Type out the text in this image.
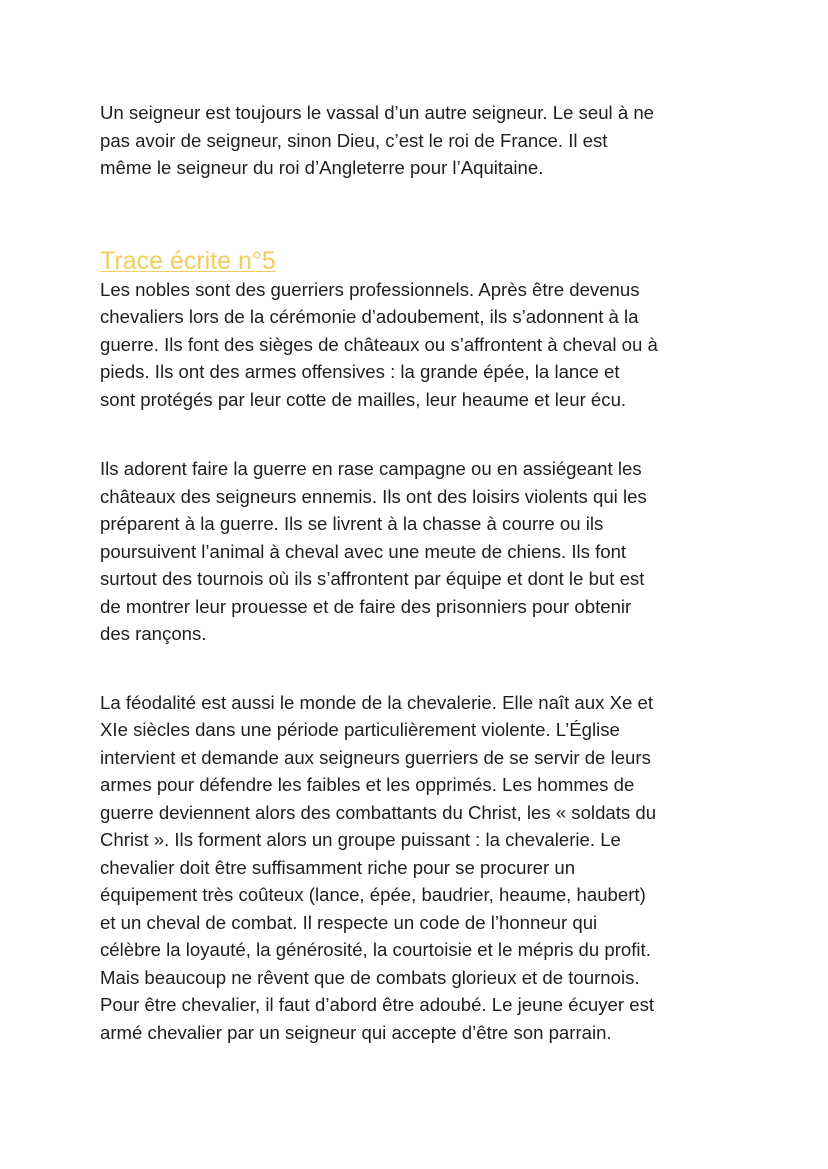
Un seigneur est toujours le vassal d’un autre seigneur. Le seul à ne
pas avoir de seigneur, sinon Dieu, c’est le roi de France. Il est
même le seigneur du roi d’Angleterre pour l’Aquitaine.

Trace écrite n°5

Les nobles sont des guerriers professionnels. Après être devenus
chevaliers lors de la cérémonie d’adoubement, ils s’adonnent à la
guerre. Ils font des sièges de châteaux ou s’affrontent à cheval ou à
pieds. Ils ont des armes offensives : la grande épée, la lance et
sont protégés par leur cotte de mailles, leur heaume et leur écu.

Ils adorent faire la guerre en rase campagne ou en assiégeant les
châteaux des seigneurs ennemis. Ils ont des loisirs violents qui les
préparent à la guerre. Ils se livrent à la chasse à courre ou ils
poursuivent l’animal à cheval avec une meute de chiens. Ils font
surtout des tournois où ils s’affrontent par équipe et dont le but est
de montrer leur prouesse et de faire des prisonniers pour obtenir
des rançons.

La féodalité est aussi le monde de la chevalerie. Elle naît aux Xe et
XIe siècles dans une période particulièrement violente. L’Église
intervient et demande aux seigneurs guerriers de se servir de leurs
armes pour défendre les faibles et les opprimés. Les hommes de
guerre deviennent alors des combattants du Christ, les « soldats du
Christ ». Ils forment alors un groupe puissant : la chevalerie. Le
chevalier doit être suffisamment riche pour se procurer un
équipement très coûteux (lance, épée, baudrier, heaume, haubert)
et un cheval de combat. Il respecte un code de l’honneur qui
célèbre la loyauté, la générosité, la courtoisie et le mépris du profit.
Mais beaucoup ne rêvent que de combats glorieux et de tournois.
Pour être chevalier, il faut d’abord être adoubé. Le jeune écuyer est
armé chevalier par un seigneur qui accepte d’être son parrain.
